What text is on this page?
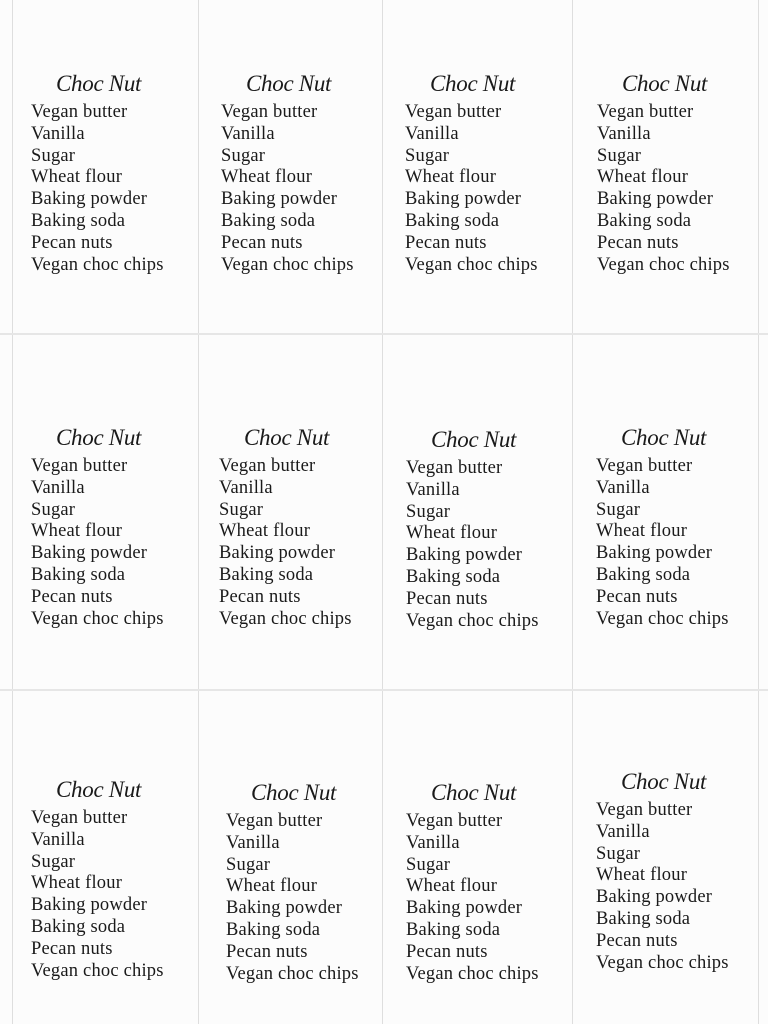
Choc Nut
Vegan butter
Vanilla
Sugar
Wheat flour
Baking powder
Baking soda
Pecan nuts
Vegan choc chips
Choc Nut
Vegan butter
Vanilla
Sugar
Wheat flour
Baking powder
Baking soda
Pecan nuts
Vegan choc chips
Choc Nut
Vegan butter
Vanilla
Sugar
Wheat flour
Baking powder
Baking soda
Pecan nuts
Vegan choc chips
Choc Nut
Vegan butter
Vanilla
Sugar
Wheat flour
Baking powder
Baking soda
Pecan nuts
Vegan choc chips
Choc Nut
Vegan butter
Vanilla
Sugar
Wheat flour
Baking powder
Baking soda
Pecan nuts
Vegan choc chips
Choc Nut
Vegan butter
Vanilla
Sugar
Wheat flour
Baking powder
Baking soda
Pecan nuts
Vegan choc chips
Choc Nut
Vegan butter
Vanilla
Sugar
Wheat flour
Baking powder
Baking soda
Pecan nuts
Vegan choc chips
Choc Nut
Vegan butter
Vanilla
Sugar
Wheat flour
Baking powder
Baking soda
Pecan nuts
Vegan choc chips
Choc Nut
Vegan butter
Vanilla
Sugar
Wheat flour
Baking powder
Baking soda
Pecan nuts
Vegan choc chips
Choc Nut
Vegan butter
Vanilla
Sugar
Wheat flour
Baking powder
Baking soda
Pecan nuts
Vegan choc chips
Choc Nut
Vegan butter
Vanilla
Sugar
Wheat flour
Baking powder
Baking soda
Pecan nuts
Vegan choc chips
Choc Nut
Vegan butter
Vanilla
Sugar
Wheat flour
Baking powder
Baking soda
Pecan nuts
Vegan choc chips
